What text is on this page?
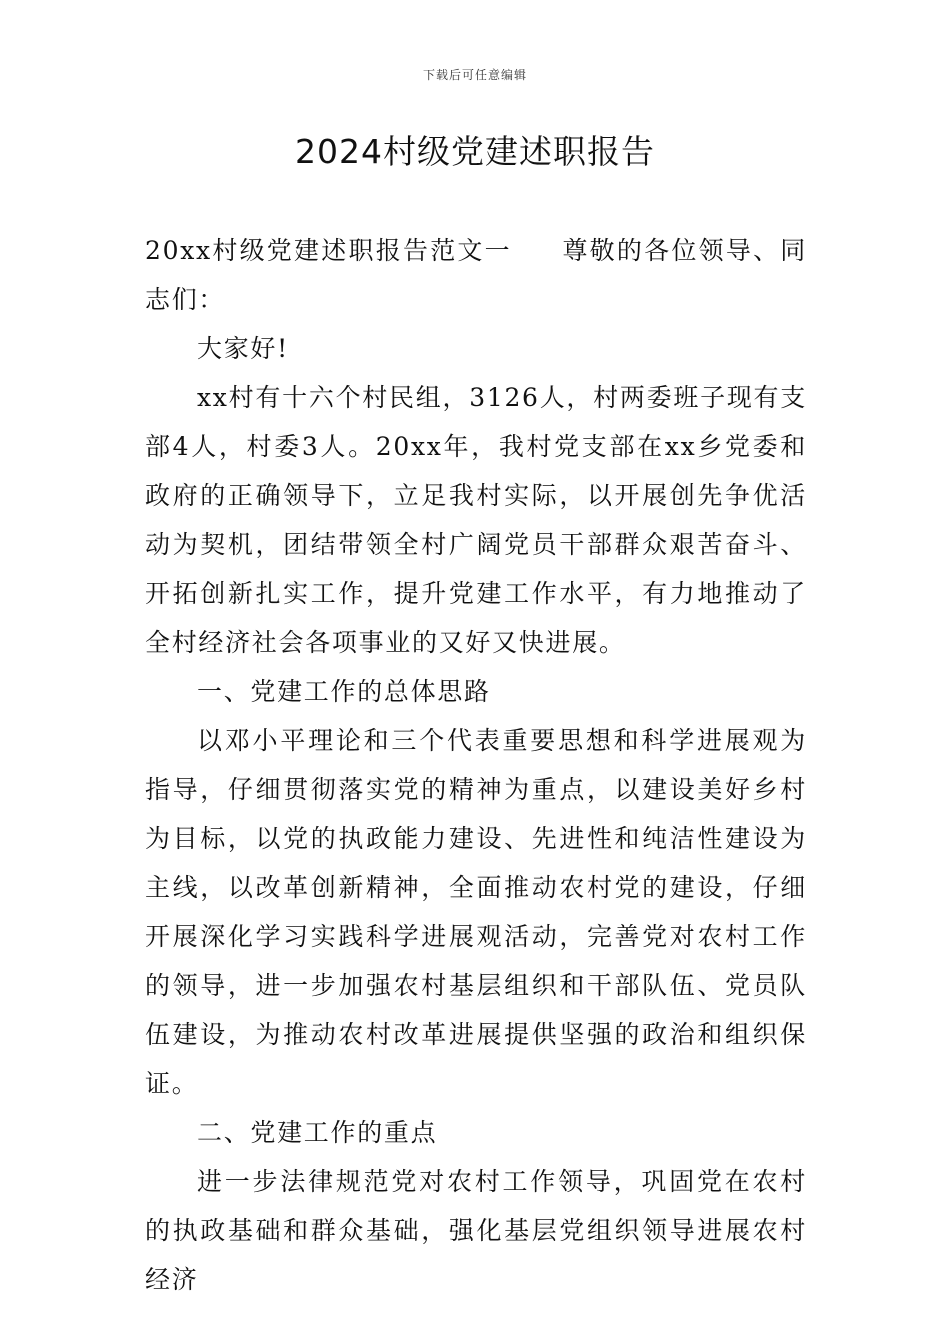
下载后可任意编辑
2024村级党建述职报告

20xx村级党建述职报告范文一 尊敬的各位领导、同志们：

大家好!

xx村有十六个村民组，3126人，村两委班子现有支部4人，村委3人。20xx年，我村党支部在xx乡党委和政府的正确领导下，立足我村实际，以开展创先争优活动为契机，团结带领全村广阔党员干部群众艰苦奋斗、开拓创新扎实工作，提升党建工作水平，有力地推动了全村经济社会各项事业的又好又快进展。

一、党建工作的总体思路

以邓小平理论和三个代表重要思想和科学进展观为指导，仔细贯彻落实党的精神为重点，以建设美好乡村为目标，以党的执政能力建设、先进性和纯洁性建设为主线，以改革创新精神，全面推动农村党的建设，仔细开展深化学习实践科学进展观活动，完善党对农村工作的领导，进一步加强农村基层组织和干部队伍、党员队伍建设，为推动农村改革进展提供坚强的政治和组织保证。

二、党建工作的重点

进一步法律规范党对农村工作领导，巩固党在农村的执政基础和群众基础，强化基层党组织领导进展农村经济
